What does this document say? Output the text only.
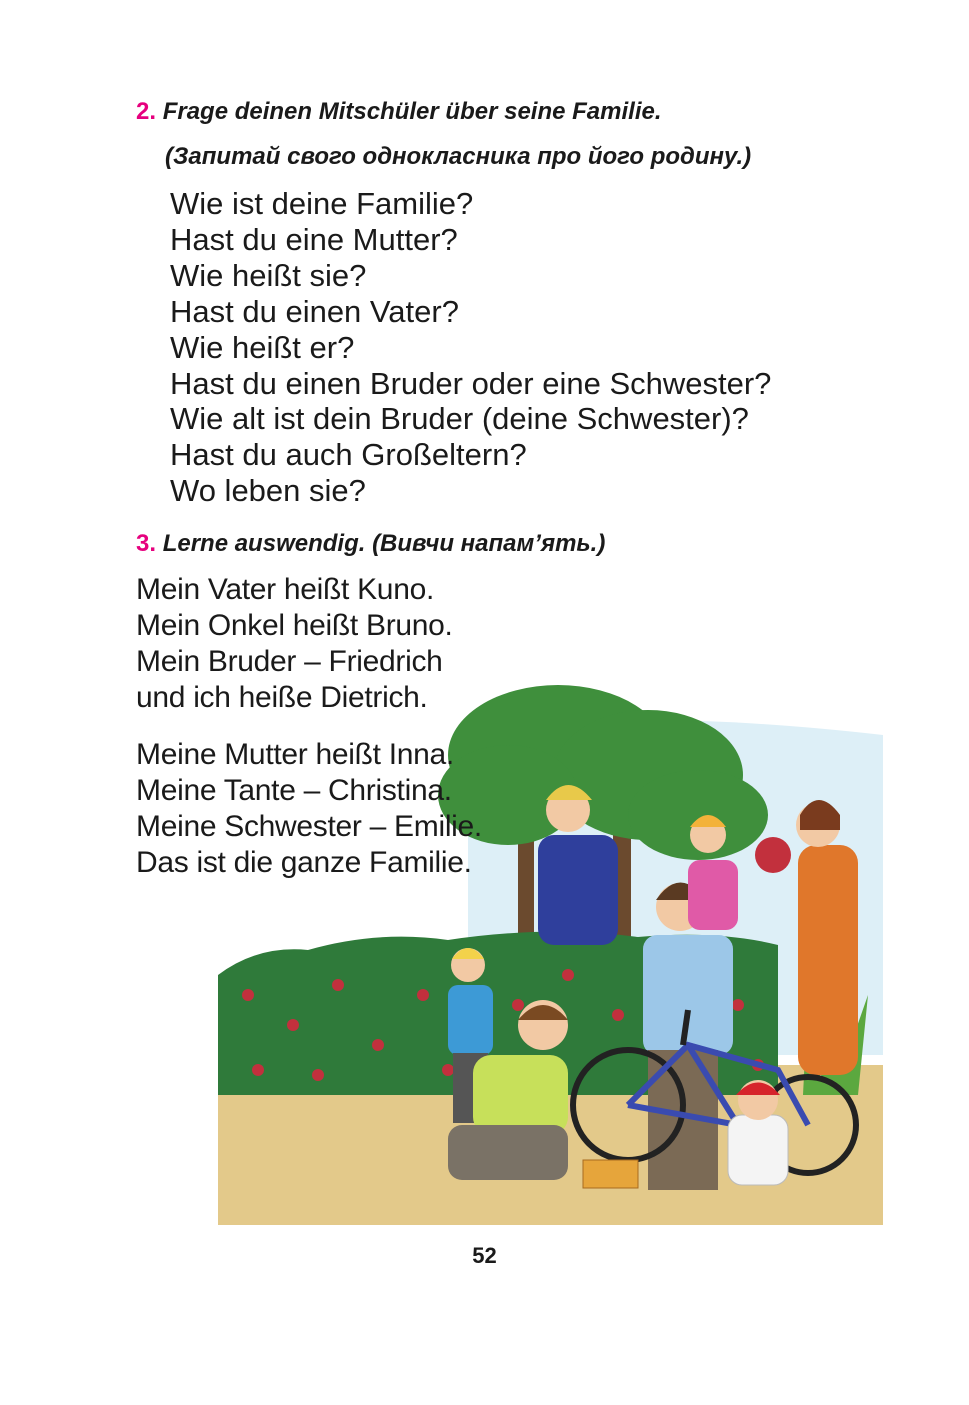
2. Frage deinen Mitschüler über seine Familie.
(Запитай свого однокласника про його родину.)
Wie ist deine Familie?
Hast du eine Mutter?
Wie heißt sie?
Hast du einen Vater?
Wie heißt er?
Hast du einen Bruder oder eine Schwester?
Wie alt ist dein Bruder (deine Schwester)?
Hast du auch Großeltern?
Wo leben sie?
3. Lerne auswendig. (Вивчи напам’ять.)
Mein Vater heißt Kuno.
Mein Onkel heißt Bruno.
Mein Bruder – Friedrich
und ich heiße Dietrich.
Meine Mutter heißt Inna.
Meine Tante – Christina.
Meine Schwester – Emilie.
Das ist die ganze Familie.
52
